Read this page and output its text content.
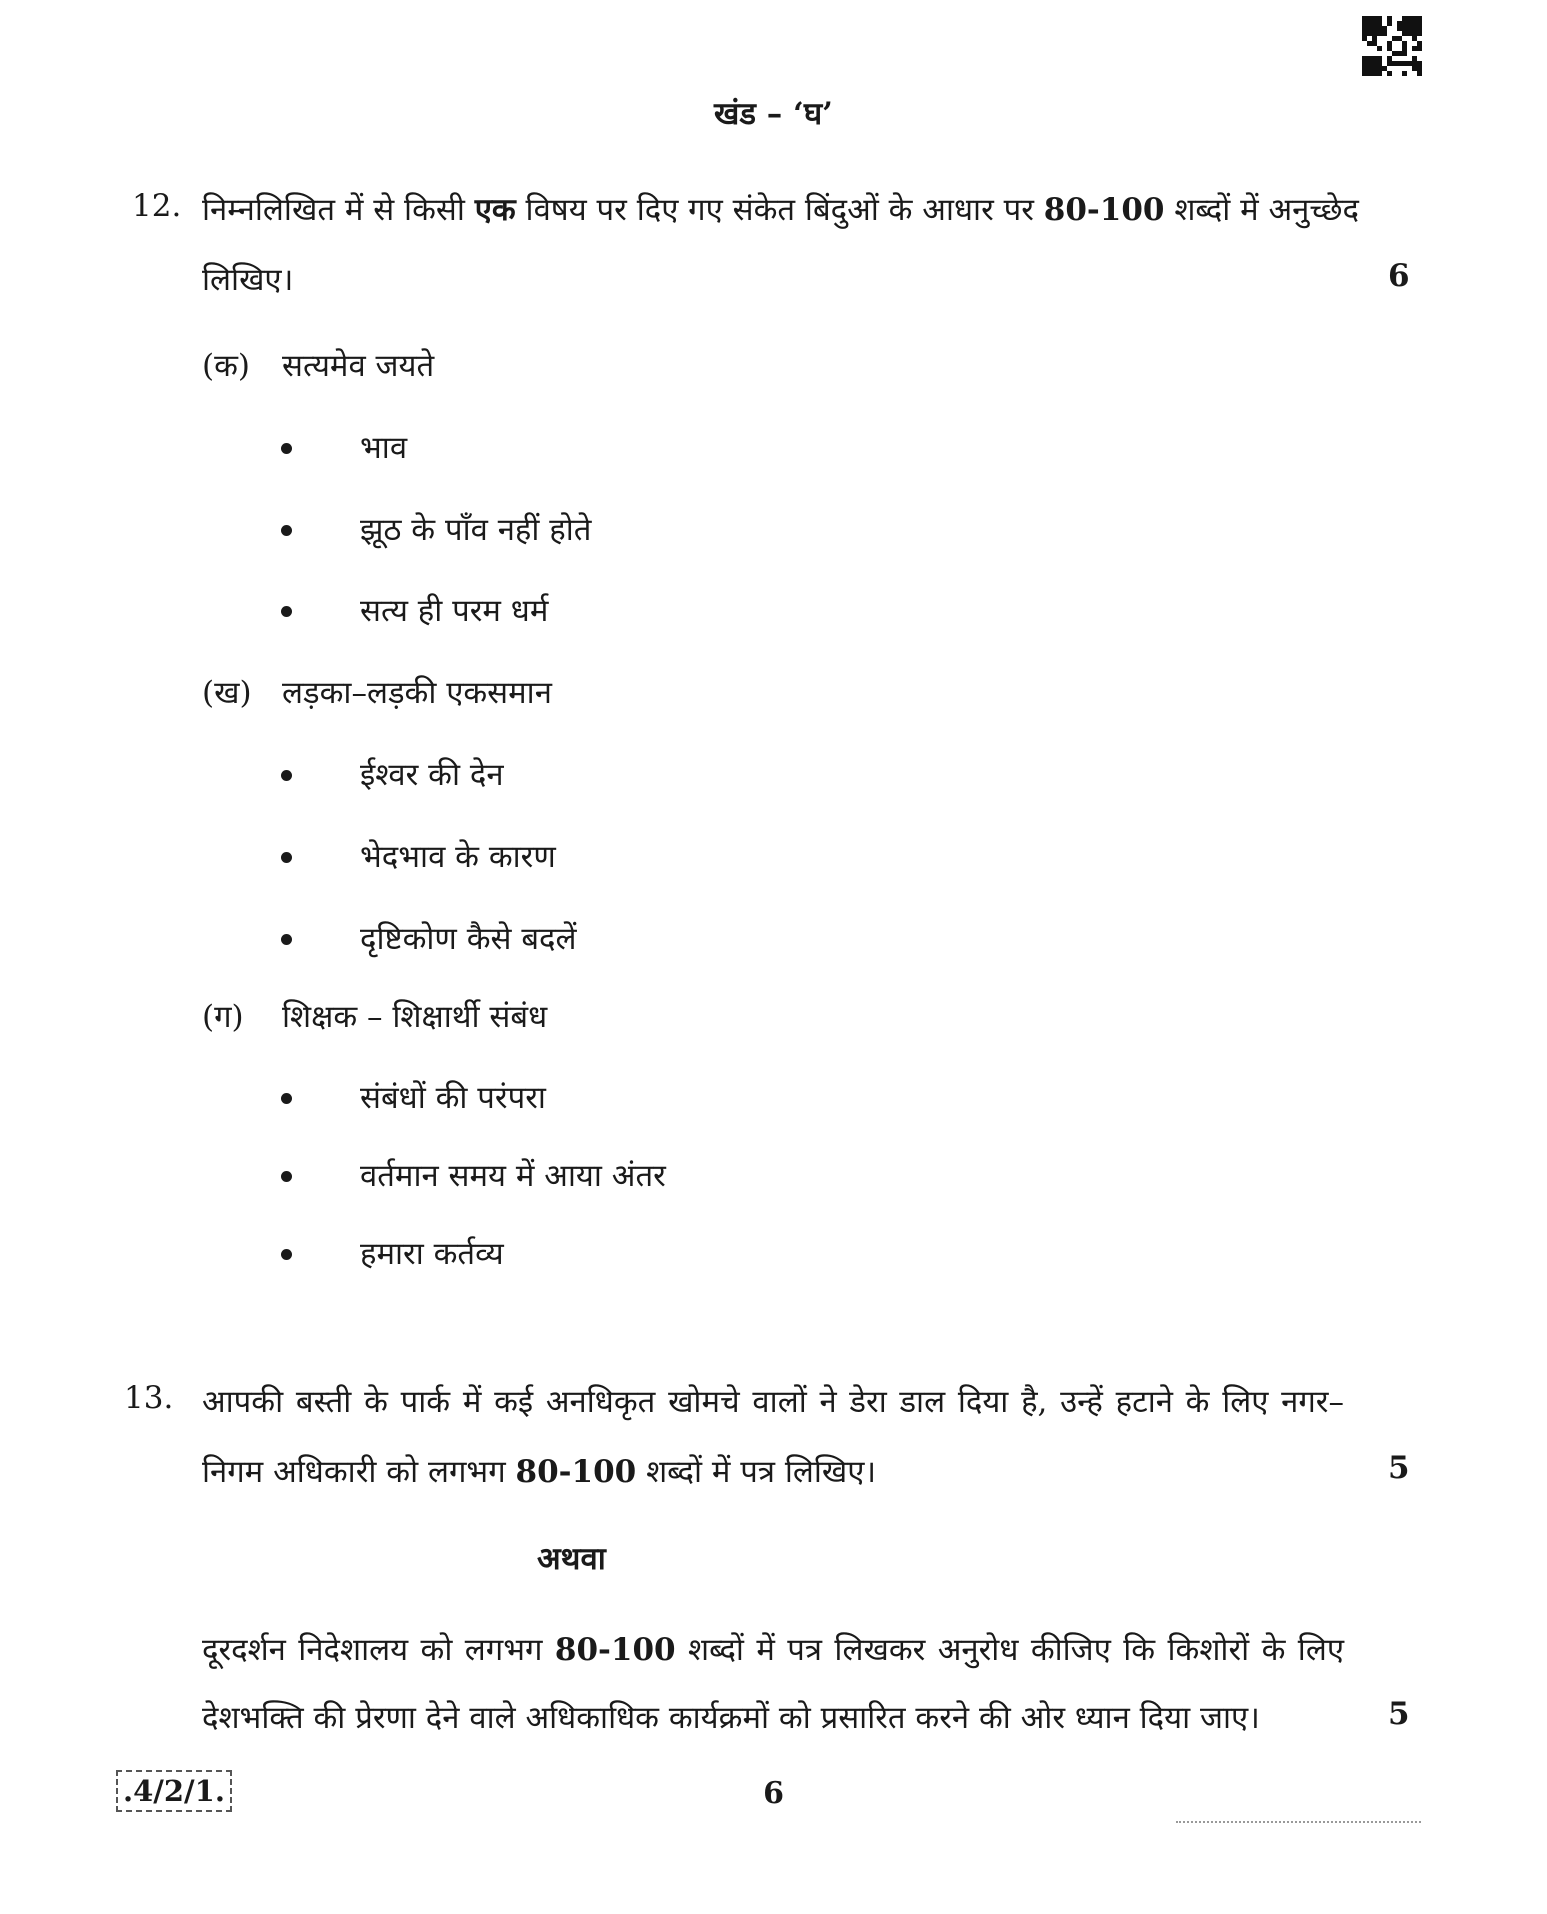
खंड – ‘घ’
12. निम्नलिखित में से किसी एक विषय पर दिए गए संकेत बिंदुओं के आधार पर 80-100 शब्दों में अनुच्छेद
लिखिए।	6
(क) सत्यमेव जयते
भाव
झूठ के पाँव नहीं होते
सत्य ही परम धर्म
(ख) लड़का–लड़की एकसमान
ईश्वर की देन
भेदभाव के कारण
दृष्टिकोण कैसे बदलें
(ग) शिक्षक – शिक्षार्थी संबंध
संबंधों की परंपरा
वर्तमान समय में आया अंतर
हमारा कर्तव्य
13. आपकी बस्ती के पार्क में कई अनधिकृत खोमचे वालों ने डेरा डाल दिया है, उन्हें हटाने के लिए नगर–
निगम अधिकारी को लगभग 80-100 शब्दों में पत्र लिखिए।	5
अथवा
दूरदर्शन निदेशालय को लगभग 80-100 शब्दों में पत्र लिखकर अनुरोध कीजिए कि किशोरों के लिए
देशभक्ति की प्रेरणा देने वाले अधिकाधिक कार्यक्रमों को प्रसारित करने की ओर ध्यान दिया जाए।	5
.4/2/1.	6
